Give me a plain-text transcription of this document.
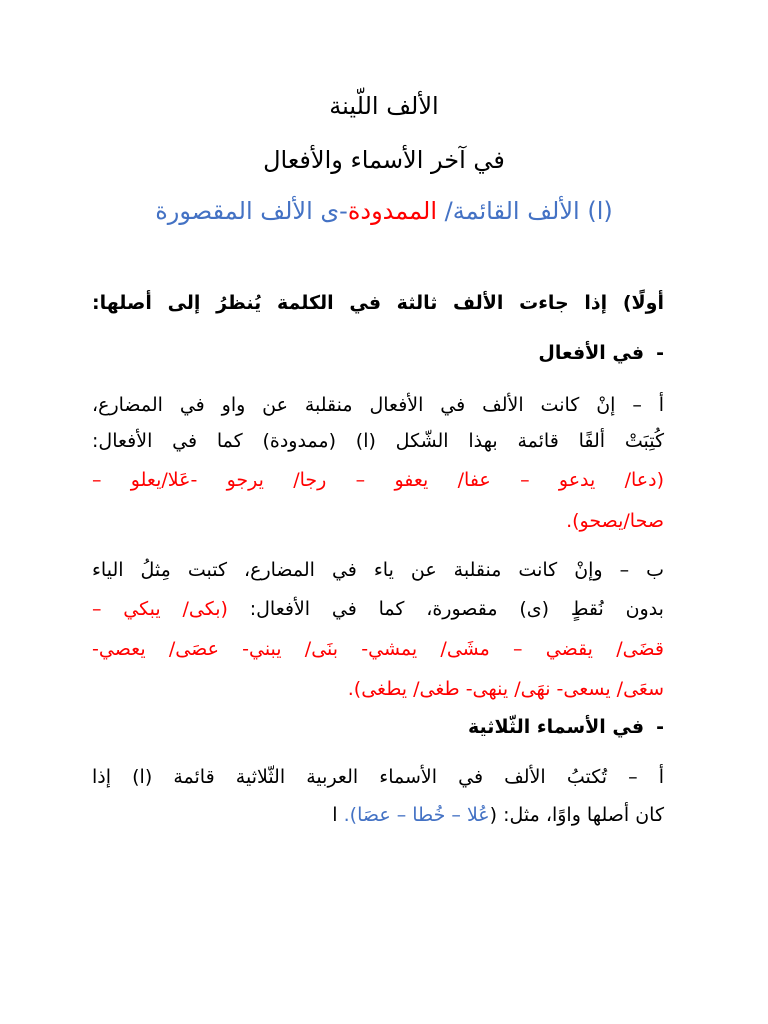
الألف اللّينة
في آخر الأسماء والأفعال
(ا) الألف القائمة/ الممدودة-ى الألف المقصورة
أولًا) إذا جاءت الألف ثالثة في الكلمة يُنظرُ إلى أصلها:
-في الأفعال
أ – إنْ كانت الألف في الأفعال منقلبة عن واو في المضارع،
كُتِبَتْ ألفًا قائمة بهذا الشّكل (ا) (ممدودة) كما في الأفعال:
(دعا/ يدعو – عفا/ يعفو – رجا/ يرجو -عَلا/يعلو –
صحا/يصحو).
ب – وإنْ كانت منقلبة عن ياء في المضارع، كتبت مِثلُ الياء
بدون نُقطٍ (ى) مقصورة، كما في الأفعال: (بكى/ يبكي –
قضَى/ يقضي – مشَى/ يمشي- بنَى/ يبني- عصَى/ يعصي-
سعَى/ يسعى- نهَى/ ينهى- طغى/ يطغى).
-في الأسماء الثّلاثية
أ – تُكتبُ الألف في الأسماء العربية الثّلاثية قائمة (ا) إذا
كان أصلها واوًا، مثل: (عُلا – خُطا – عصَا). ا
